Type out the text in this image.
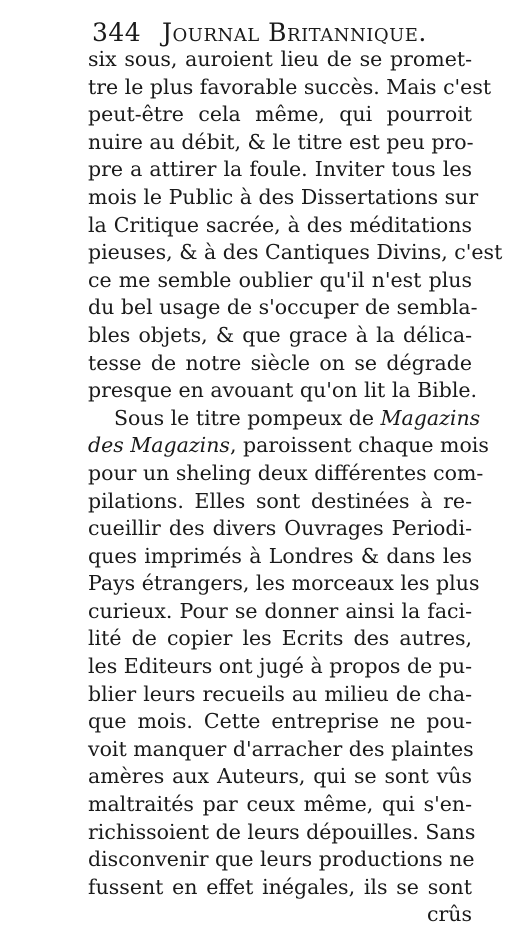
344 Journal Britannique.
six sous, auroient lieu de se promet-
tre le plus favorable succès. Mais c'est
peut-être cela même, qui pourroit
nuire au débit, & le titre est peu pro-
pre a attirer la foule. Inviter tous les
mois le Public à des Dissertations sur
la Critique sacrée, à des méditations
pieuses, & à des Cantiques Divins, c'est
ce me semble oublier qu'il n'est plus
du bel usage de s'occuper de sembla-
bles objets, & que grace à la délica-
tesse de notre siècle on se dégrade
presque en avouant qu'on lit la Bible.
Sous le titre pompeux de Magazins
des Magazins, paroissent chaque mois
pour un sheling deux différentes com-
pilations. Elles sont destinées à re-
cueillir des divers Ouvrages Periodi-
ques imprimés à Londres & dans les
Pays étrangers, les morceaux les plus
curieux. Pour se donner ainsi la faci-
lité de copier les Ecrits des autres,
les Editeurs ont jugé à propos de pu-
blier leurs recueils au milieu de cha-
que mois. Cette entreprise ne pou-
voit manquer d'arracher des plaintes
amères aux Auteurs, qui se sont vûs
maltraités par ceux même, qui s'en-
richissoient de leurs dépouilles. Sans
disconvenir que leurs productions ne
fussent en effet inégales, ils se sont
crûs
